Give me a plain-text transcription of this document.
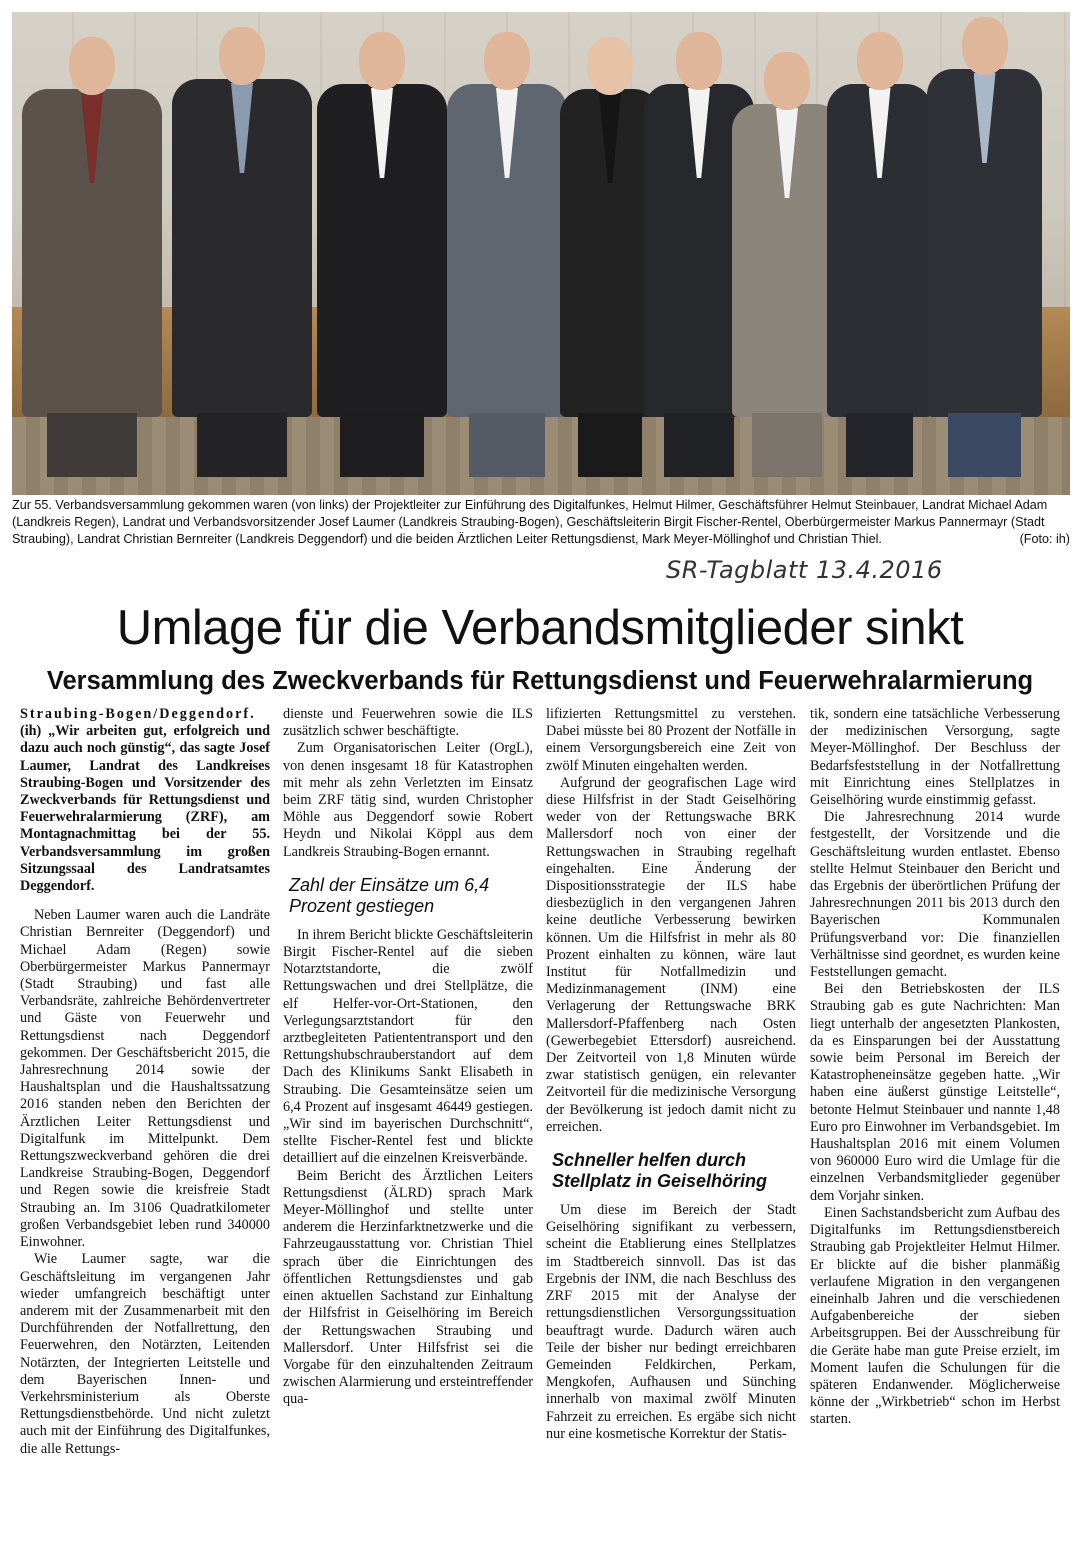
Zur 55. Verbandsversammlung gekommen waren (von links) der Projektleiter zur Einführung des Digitalfunkes, Helmut Hilmer, Geschäftsführer Helmut Steinbauer, Landrat Michael Adam (Landkreis Regen), Landrat und Verbandsvorsitzender Josef Laumer (Landkreis Straubing-Bogen), Geschäftsleiterin Birgit Fischer-Rentel, Oberbürgermeister Markus Pannermayr (Stadt Straubing), Landrat Christian Bernreiter (Landkreis Deggendorf) und die beiden Ärztlichen Leiter Rettungsdienst, Mark Meyer-Möllinghof und Christian Thiel.	(Foto: ih)
SR-Tagblatt 13.4.2016
Umlage für die Verbandsmitglieder sinkt
Versammlung des Zweckverbands für Rettungsdienst und Feuerwehralarmierung

Straubing-Bogen/Deggendorf. (ih) „Wir arbeiten gut, erfolgreich und dazu auch noch günstig“, das sagte Josef Laumer, Landrat des Landkreises Straubing-Bogen und Vorsitzender des Zweckverbands für Rettungsdienst und Feuerwehralarmierung (ZRF), am Montagnachmittag bei der 55. Verbandsversammlung im großen Sitzungssaal des Landratsamtes Deggendorf.

Neben Laumer waren auch die Landräte Christian Bernreiter (Deggendorf) und Michael Adam (Regen) sowie Oberbürgermeister Markus Pannermayr (Stadt Straubing) und fast alle Verbandsräte, zahlreiche Behördenvertreter und Gäste von Feuerwehr und Rettungsdienst nach Deggendorf gekommen. Der Geschäftsbericht 2015, die Jahresrechnung 2014 sowie der Haushaltsplan und die Haushaltssatzung 2016 standen neben den Berichten der Ärztlichen Leiter Rettungsdienst und Digitalfunk im Mittelpunkt. Dem Rettungszweckverband gehören die drei Landkreise Straubing-Bogen, Deggendorf und Regen sowie die kreisfreie Stadt Straubing an. Im 3106 Quadratkilometer großen Verbandsgebiet leben rund 340000 Einwohner.

Wie Laumer sagte, war die Geschäftsleitung im vergangenen Jahr wieder umfangreich beschäftigt unter anderem mit der Zusammenarbeit mit den Durchführenden der Notfallrettung, den Feuerwehren, den Notärzten, Leitenden Notärzten, der Integrierten Leitstelle und dem Bayerischen Innen- und Verkehrsministerium als Oberste Rettungsdienstbehörde. Und nicht zuletzt auch mit der Einführung des Digitalfunkes, die alle Rettungs-

dienste und Feuerwehren sowie die ILS zusätzlich schwer beschäftigte.

Zum Organisatorischen Leiter (OrgL), von denen insgesamt 18 für Katastrophen mit mehr als zehn Verletzten im Einsatz beim ZRF tätig sind, wurden Christopher Möhle aus Deggendorf sowie Robert Heydn und Nikolai Köppl aus dem Landkreis Straubing-Bogen ernannt.

Zahl der Einsätze um 6,4 Prozent gestiegen

In ihrem Bericht blickte Geschäftsleiterin Birgit Fischer-Rentel auf die sieben Notarztstandorte, die zwölf Rettungswachen und drei Stellplätze, die elf Helfer-vor-Ort-Stationen, den Verlegungsarztstandort für den arztbegleiteten Patiententransport und den Rettungshubschrauberstandort auf dem Dach des Klinikums Sankt Elisabeth in Straubing. Die Gesamteinsätze seien um 6,4 Prozent auf insgesamt 46449 gestiegen. „Wir sind im bayerischen Durchschnitt“, stellte Fischer-Rentel fest und blickte detailliert auf die einzelnen Kreisverbände.

Beim Bericht des Ärztlichen Leiters Rettungsdienst (ÄLRD) sprach Mark Meyer-Möllinghof und stellte unter anderem die Herzinfarktnetzwerke und die Fahrzeugausstattung vor. Christian Thiel sprach über die Einrichtungen des öffentlichen Rettungsdienstes und gab einen aktuellen Sachstand zur Einhaltung der Hilfsfrist in Geiselhöring im Bereich der Rettungswachen Straubing und Mallersdorf. Unter Hilfsfrist sei die Vorgabe für den einzuhaltenden Zeitraum zwischen Alarmierung und ersteintreffender qua-

lifizierten Rettungsmittel zu verstehen. Dabei müsste bei 80 Prozent der Notfälle in einem Versorgungsbereich eine Zeit von zwölf Minuten eingehalten werden.

Aufgrund der geografischen Lage wird diese Hilfsfrist in der Stadt Geiselhöring weder von der Rettungswache BRK Mallersdorf noch von einer der Rettungswachen in Straubing regelhaft eingehalten. Eine Änderung der Dispositionsstrategie der ILS habe diesbezüglich in den vergangenen Jahren keine deutliche Verbesserung bewirken können. Um die Hilfsfrist in mehr als 80 Prozent einhalten zu können, wäre laut Institut für Notfallmedizin und Medizinmanagement (INM) eine Verlagerung der Rettungswache BRK Mallersdorf-Pfaffenberg nach Osten (Gewerbegebiet Ettersdorf) ausreichend. Der Zeitvorteil von 1,8 Minuten würde zwar statistisch genügen, ein relevanter Zeitvorteil für die medizinische Versorgung der Bevölkerung ist jedoch damit nicht zu erreichen.

Schneller helfen durch Stellplatz in Geiselhöring

Um diese im Bereich der Stadt Geiselhöring signifikant zu verbessern, scheint die Etablierung eines Stellplatzes im Stadtbereich sinnvoll. Das ist das Ergebnis der INM, die nach Beschluss des ZRF 2015 mit der Analyse der rettungsdienstlichen Versorgungssituation beauftragt wurde. Dadurch wären auch Teile der bisher nur bedingt erreichbaren Gemeinden Feldkirchen, Perkam, Mengkofen, Aufhausen und Sünching innerhalb von maximal zwölf Minuten Fahrzeit zu erreichen. Es ergäbe sich nicht nur eine kosmetische Korrektur der Statis-

tik, sondern eine tatsächliche Verbesserung der medizinischen Versorgung, sagte Meyer-Möllinghof. Der Beschluss der Bedarfsfeststellung in der Notfallrettung mit Einrichtung eines Stellplatzes in Geiselhöring wurde einstimmig gefasst.

Die Jahresrechnung 2014 wurde festgestellt, der Vorsitzende und die Geschäftsleitung wurden entlastet. Ebenso stellte Helmut Steinbauer den Bericht und das Ergebnis der überörtlichen Prüfung der Jahresrechnungen 2011 bis 2013 durch den Bayerischen Kommunalen Prüfungsverband vor: Die finanziellen Verhältnisse sind geordnet, es wurden keine Feststellungen gemacht.

Bei den Betriebskosten der ILS Straubing gab es gute Nachrichten: Man liegt unterhalb der angesetzten Plankosten, da es Einsparungen bei der Ausstattung sowie beim Personal im Bereich der Katastropheneinsätze gegeben hatte. „Wir haben eine äußerst günstige Leitstelle“, betonte Helmut Steinbauer und nannte 1,48 Euro pro Einwohner im Verbandsgebiet. Im Haushaltsplan 2016 mit einem Volumen von 960000 Euro wird die Umlage für die einzelnen Verbandsmitglieder gegenüber dem Vorjahr sinken.

Einen Sachstandsbericht zum Aufbau des Digitalfunks im Rettungsdienstbereich Straubing gab Projektleiter Helmut Hilmer. Er blickte auf die bisher planmäßig verlaufene Migration in den vergangenen eineinhalb Jahren und die verschiedenen Aufgabenbereiche der sieben Arbeitsgruppen. Bei der Ausschreibung für die Geräte habe man gute Preise erzielt, im Moment laufen die Schulungen für die späteren Endanwender. Möglicherweise könne der „Wirkbetrieb“ schon im Herbst starten.
